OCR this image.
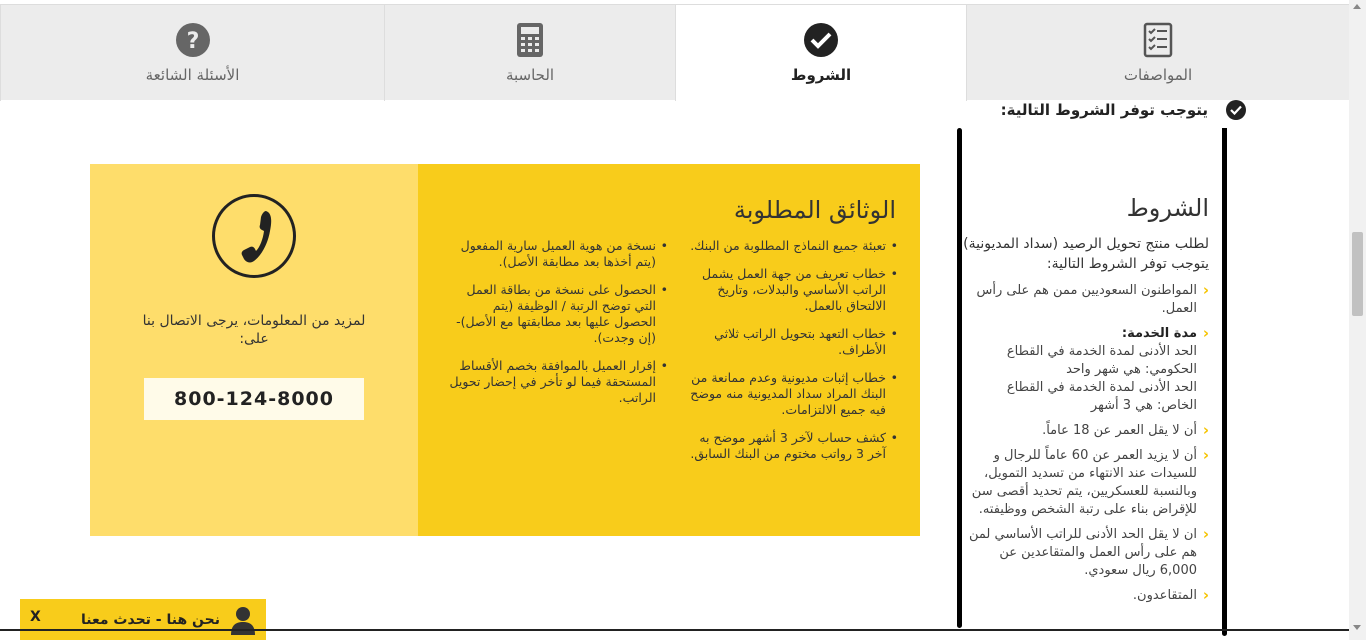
المواصفات
الشروط
الحاسبة
?
الأسئلة الشائعة
يتوجب توفر الشروط التالية:
لمزيد من المعلومات، يرجى الاتصال بنا على:
800-124-8000
الوثائق المطلوبة
• تعبئة جميع النماذج المطلوبة من البنك.
• خطاب تعريف من جهة العمل يشمل الراتب الأساسي والبدلات، وتاريخ الالتحاق بالعمل.
• خطاب التعهد بتحويل الراتب ثلاثي الأطراف.
• خطاب إثبات مديونية وعدم ممانعة من البنك المراد سداد المديونية منه موضح فيه جميع الالتزامات.
• كشف حساب لآخر 3 أشهر موضح به آخر 3 رواتب مختوم من البنك السابق.
• نسخة من هوية العميل سارية المفعول (يتم أخذها بعد مطابقة الأصل).
• الحصول على نسخة من بطاقة العمل التي توضح الرتبة / الوظيفة (يتم الحصول عليها بعد مطابقتها مع الأصل)-(إن وجدت).
• إقرار العميل بالموافقة بخصم الأقساط المستحقة فيما لو تأخر في إحضار تحويل الراتب.
الشروط

لطلب منتج تحويل الرصيد (سداد المديونية) يتوجب توفر الشروط التالية:

‹ المواطنون السعوديين ممن هم على رأس العمل.
‹ مدة الخدمة:
الحد الأدنى لمدة الخدمة في القطاع الحكومي: هي شهر واحد
الحد الأدنى لمدة الخدمة في القطاع الخاص: هي 3 أشهر
‹ أن لا يقل العمر عن 18 عاماً.
‹ أن لا يزيد العمر عن 60 عاماً للرجال و للسيدات عند الانتهاء من تسديد التمويل، وبالنسبة للعسكريين، يتم تحديد أقصى سن للإقراض بناء على رتبة الشخص ووظيفته.
‹ ان لا يقل الحد الأدنى للراتب الأساسي لمن هم على رأس العمل والمتقاعدين عن 6,000 ريال سعودي.
‹ المتقاعدون.
نحن هنا - تحدث معنا
X
